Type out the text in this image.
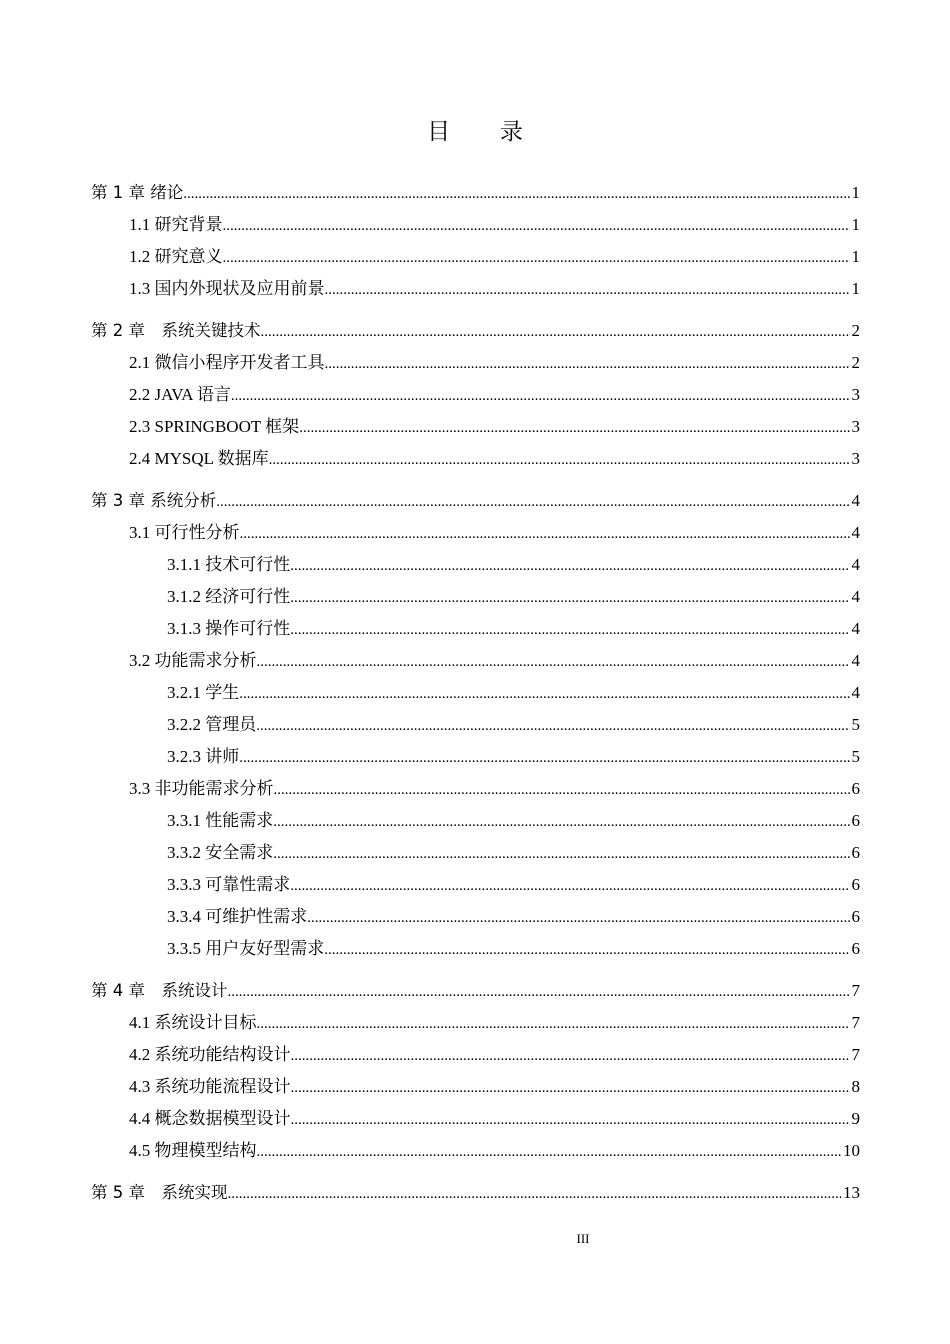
目 录
第 1 章 绪论 .....	1
1.1 研究背景 .....	1
1.2 研究意义 .....	1
1.3 国内外现状及应用前景 .....	1
第 2 章　系统关键技术 .....	2
2.1 微信小程序开发者工具 .....	2
2.2 JAVA 语言 .....	3
2.3 SPRINGBOOT 框架 .....	3
2.4 MYSQL 数据库 .....	3
第 3 章 系统分析 .....	4
3.1 可行性分析 .....	4
3.1.1 技术可行性 .....	4
3.1.2 经济可行性 .....	4
3.1.3 操作可行性 .....	4
3.2 功能需求分析 .....	4
3.2.1 学生 .....	4
3.2.2 管理员 .....	5
3.2.3 讲师 .....	5
3.3 非功能需求分析 .....	6
3.3.1 性能需求 .....	6
3.3.2 安全需求 .....	6
3.3.3 可靠性需求 .....	6
3.3.4 可维护性需求 .....	6
3.3.5 用户友好型需求 .....	6
第 4 章　系统设计 .....	7
4.1 系统设计目标 .....	7
4.2 系统功能结构设计 .....	7
4.3 系统功能流程设计 .....	8
4.4 概念数据模型设计 .....	9
4.5 物理模型结构 .....	10
第 5 章　系统实现 .....	13
III
